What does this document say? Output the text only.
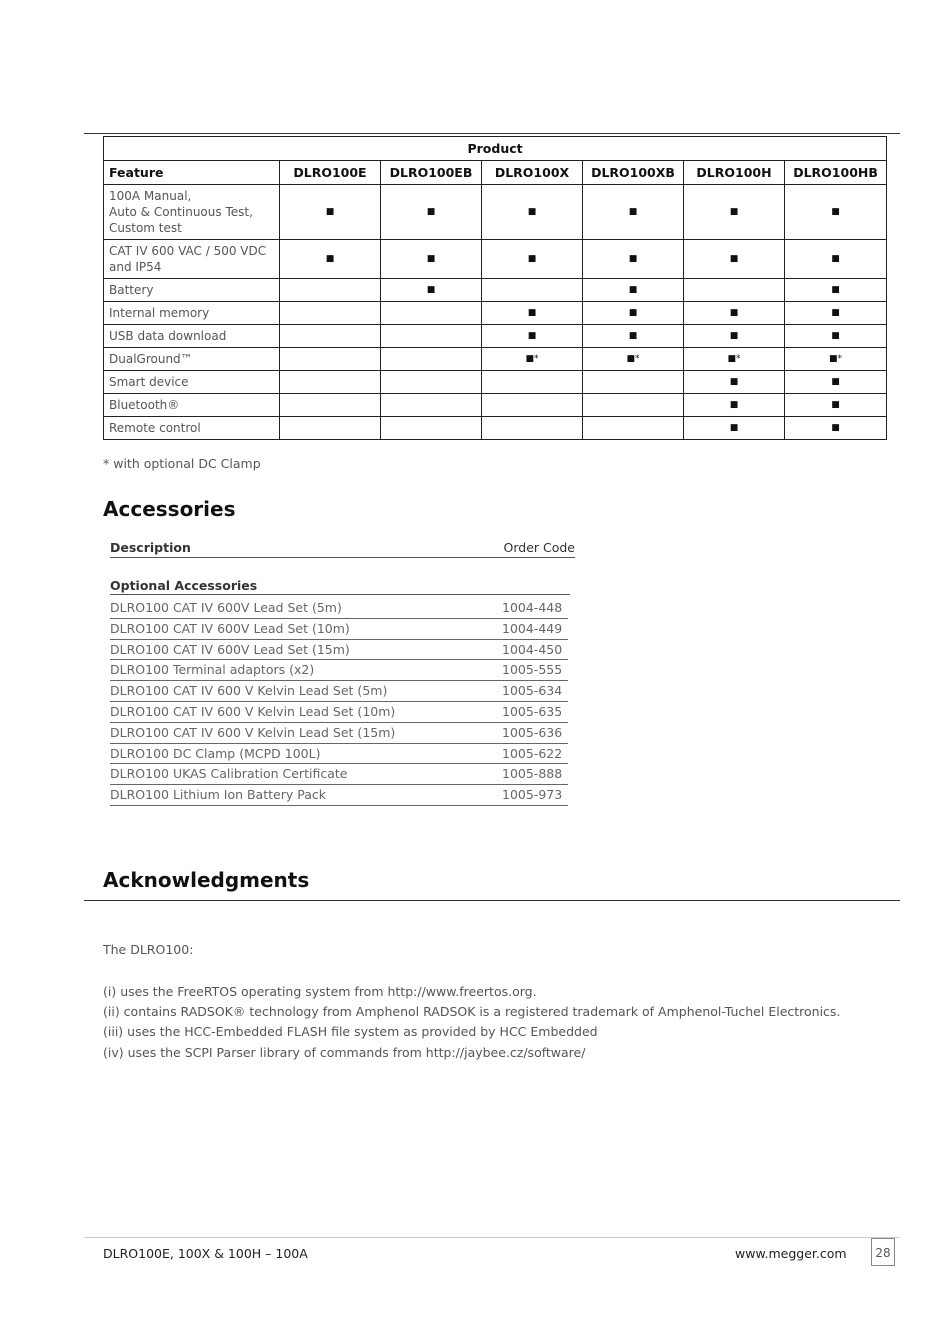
Product						
Feature	DLRO100E	DLRO100EB	DLRO100X	DLRO100XB	DLRO100H	DLRO100HB
100A Manual,
Auto & Continuous Test,
Custom test	■	■	■	■	■	■
CAT IV 600 VAC / 500 VDC
and IP54	■	■	■	■	■	■
Battery		■		■		■
Internal memory			■	■	■	■
USB data download			■	■	■	■
DualGround™			■*	■*	■*	■*
Smart device					■	■
Bluetooth®					■	■
Remote control					■	■
* with optional DC Clamp
Accessories
Description	Order Code
Optional Accessories
DLRO100 CAT IV 600V Lead Set (5m)	1004-448
DLRO100 CAT IV 600V Lead Set (10m)	1004-449
DLRO100 CAT IV 600V Lead Set (15m)	1004-450
DLRO100 Terminal adaptors (x2)	1005-555
DLRO100 CAT IV 600 V Kelvin Lead Set (5m)	1005-634
DLRO100 CAT IV 600 V Kelvin Lead Set (10m)	1005-635
DLRO100 CAT IV 600 V Kelvin Lead Set (15m)	1005-636
DLRO100 DC Clamp (MCPD 100L)	1005-622
DLRO100 UKAS Calibration Certificate	1005-888
DLRO100 Lithium Ion Battery Pack	1005-973
Acknowledgments
The DLRO100:
(i) uses the FreeRTOS operating system from http://www.freertos.org.
(ii) contains RADSOK® technology from Amphenol RADSOK is a registered trademark of Amphenol-Tuchel Electronics.
(iii) uses the HCC-Embedded FLASH file system as provided by HCC Embedded
(iv) uses the SCPI Parser library of commands from http://jaybee.cz/software/
DLRO100E, 100X & 100H – 100A	www.megger.com	28
